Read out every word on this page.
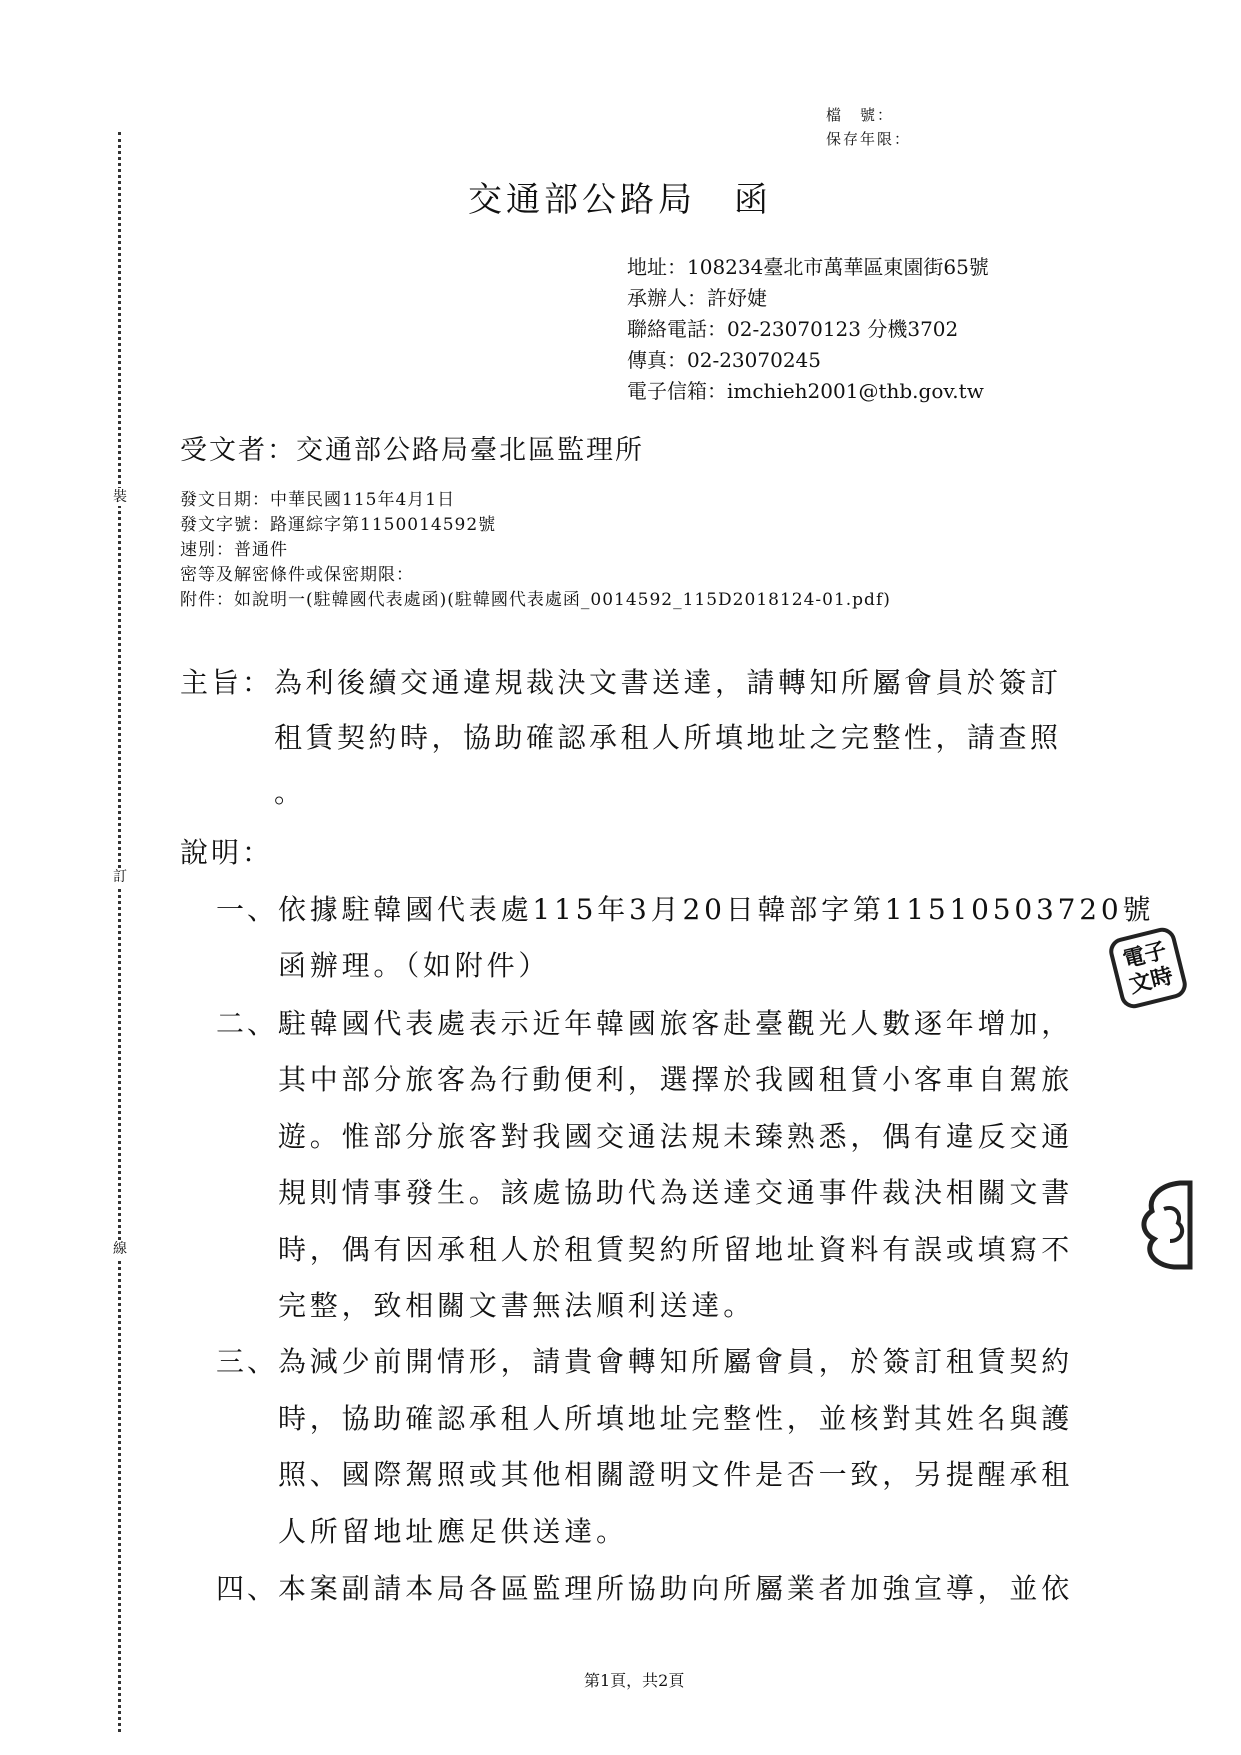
裝
訂
線
檔　號：
保存年限：
交通部公路局　函
地址：108234臺北市萬華區東園街65號
承辦人：許妤婕
聯絡電話：02-23070123 分機3702
傳真：02-23070245
電子信箱：imchieh2001@thb.gov.tw
受文者：交通部公路局臺北區監理所
發文日期：中華民國115年4月1日
發文字號：路運綜字第1150014592號
速別：普通件
密等及解密條件或保密期限：
附件：如說明一(駐韓國代表處函)(駐韓國代表處函_0014592_115D2018124-01.pdf)
主旨： 為利後續交通違規裁決文書送達，請轉知所屬會員於簽訂
租賃契約時，協助確認承租人所填地址之完整性，請查照
。
說明：
一、 依據駐韓國代表處115年3月20日韓部字第11510503720號
函辦理。（如附件）
二、 駐韓國代表處表示近年韓國旅客赴臺觀光人數逐年增加，
其中部分旅客為行動便利，選擇於我國租賃小客車自駕旅
遊。惟部分旅客對我國交通法規未臻熟悉，偶有違反交通
規則情事發生。該處協助代為送達交通事件裁決相關文書
時，偶有因承租人於租賃契約所留地址資料有誤或填寫不
完整，致相關文書無法順利送達。
三、 為減少前開情形，請貴會轉知所屬會員，於簽訂租賃契約
時，協助確認承租人所填地址完整性，並核對其姓名與護
照、國際駕照或其他相關證明文件是否一致，另提醒承租
人所留地址應足供送達。
四、 本案副請本局各區監理所協助向所屬業者加強宣導，並依
電子
文時
第1頁，共2頁
